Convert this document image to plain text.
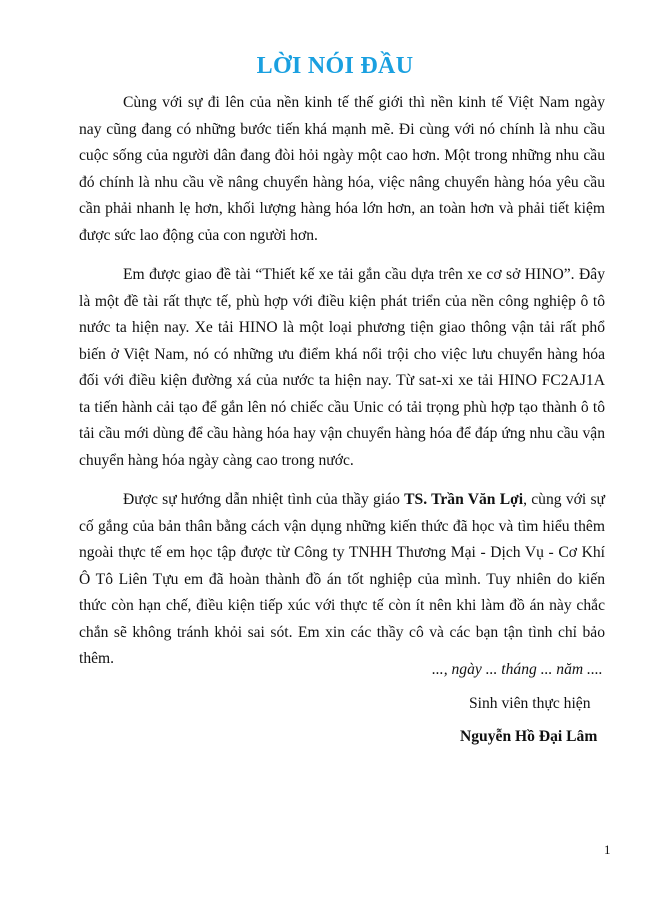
LỜI NÓI ĐẦU

Cùng với sự đi lên của nền kinh tế thế giới thì nền kinh tế Việt Nam ngày nay cũng đang có những bước tiến khá mạnh mẽ. Đi cùng với nó chính là nhu cầu cuộc sống của người dân đang đòi hỏi ngày một cao hơn. Một trong những nhu cầu đó chính là nhu cầu về nâng chuyển hàng hóa, việc nâng chuyển hàng hóa yêu cầu cần phải nhanh lẹ hơn, khối lượng hàng hóa lớn hơn, an toàn hơn và phải tiết kiệm được sức lao động của con người hơn.

Em được giao đề tài “Thiết kế xe tải gắn cầu dựa trên xe cơ sở HINO”. Đây là một đề tài rất thực tế, phù hợp với điều kiện phát triển của nền công nghiệp ô tô nước ta hiện nay. Xe tải HINO là một loại phương tiện giao thông vận tải rất phổ biến ở Việt Nam, nó có những ưu điểm khá nổi trội cho việc lưu chuyển hàng hóa đối với điều kiện đường xá của nước ta hiện nay. Từ sat-xi xe tải HINO FC2AJ1A ta tiến hành cải tạo để gắn lên nó chiếc cầu Unic có tải trọng phù hợp tạo thành ô tô tải cầu mới dùng để cầu hàng hóa hay vận chuyển hàng hóa để đáp ứng nhu cầu vận chuyển hàng hóa ngày càng cao trong nước.

Được sự hướng dẫn nhiệt tình của thầy giáo TS. Trần Văn Lợi, cùng với sự cố gắng của bản thân bằng cách vận dụng những kiến thức đã học và tìm hiểu thêm ngoài thực tế em học tập được từ Công ty TNHH Thương Mại - Dịch Vụ - Cơ Khí Ô Tô Liên Tựu em đã hoàn thành đồ án tốt nghiệp của mình. Tuy nhiên do kiến thức còn hạn chế, điều kiện tiếp xúc với thực tế còn ít nên khi làm đồ án này chắc chắn sẽ không tránh khỏi sai sót. Em xin các thầy cô và các bạn tận tình chỉ bảo thêm.

..., ngày ... tháng ... năm ....
Sinh viên thực hiện
Nguyễn Hồ Đại Lâm
1
